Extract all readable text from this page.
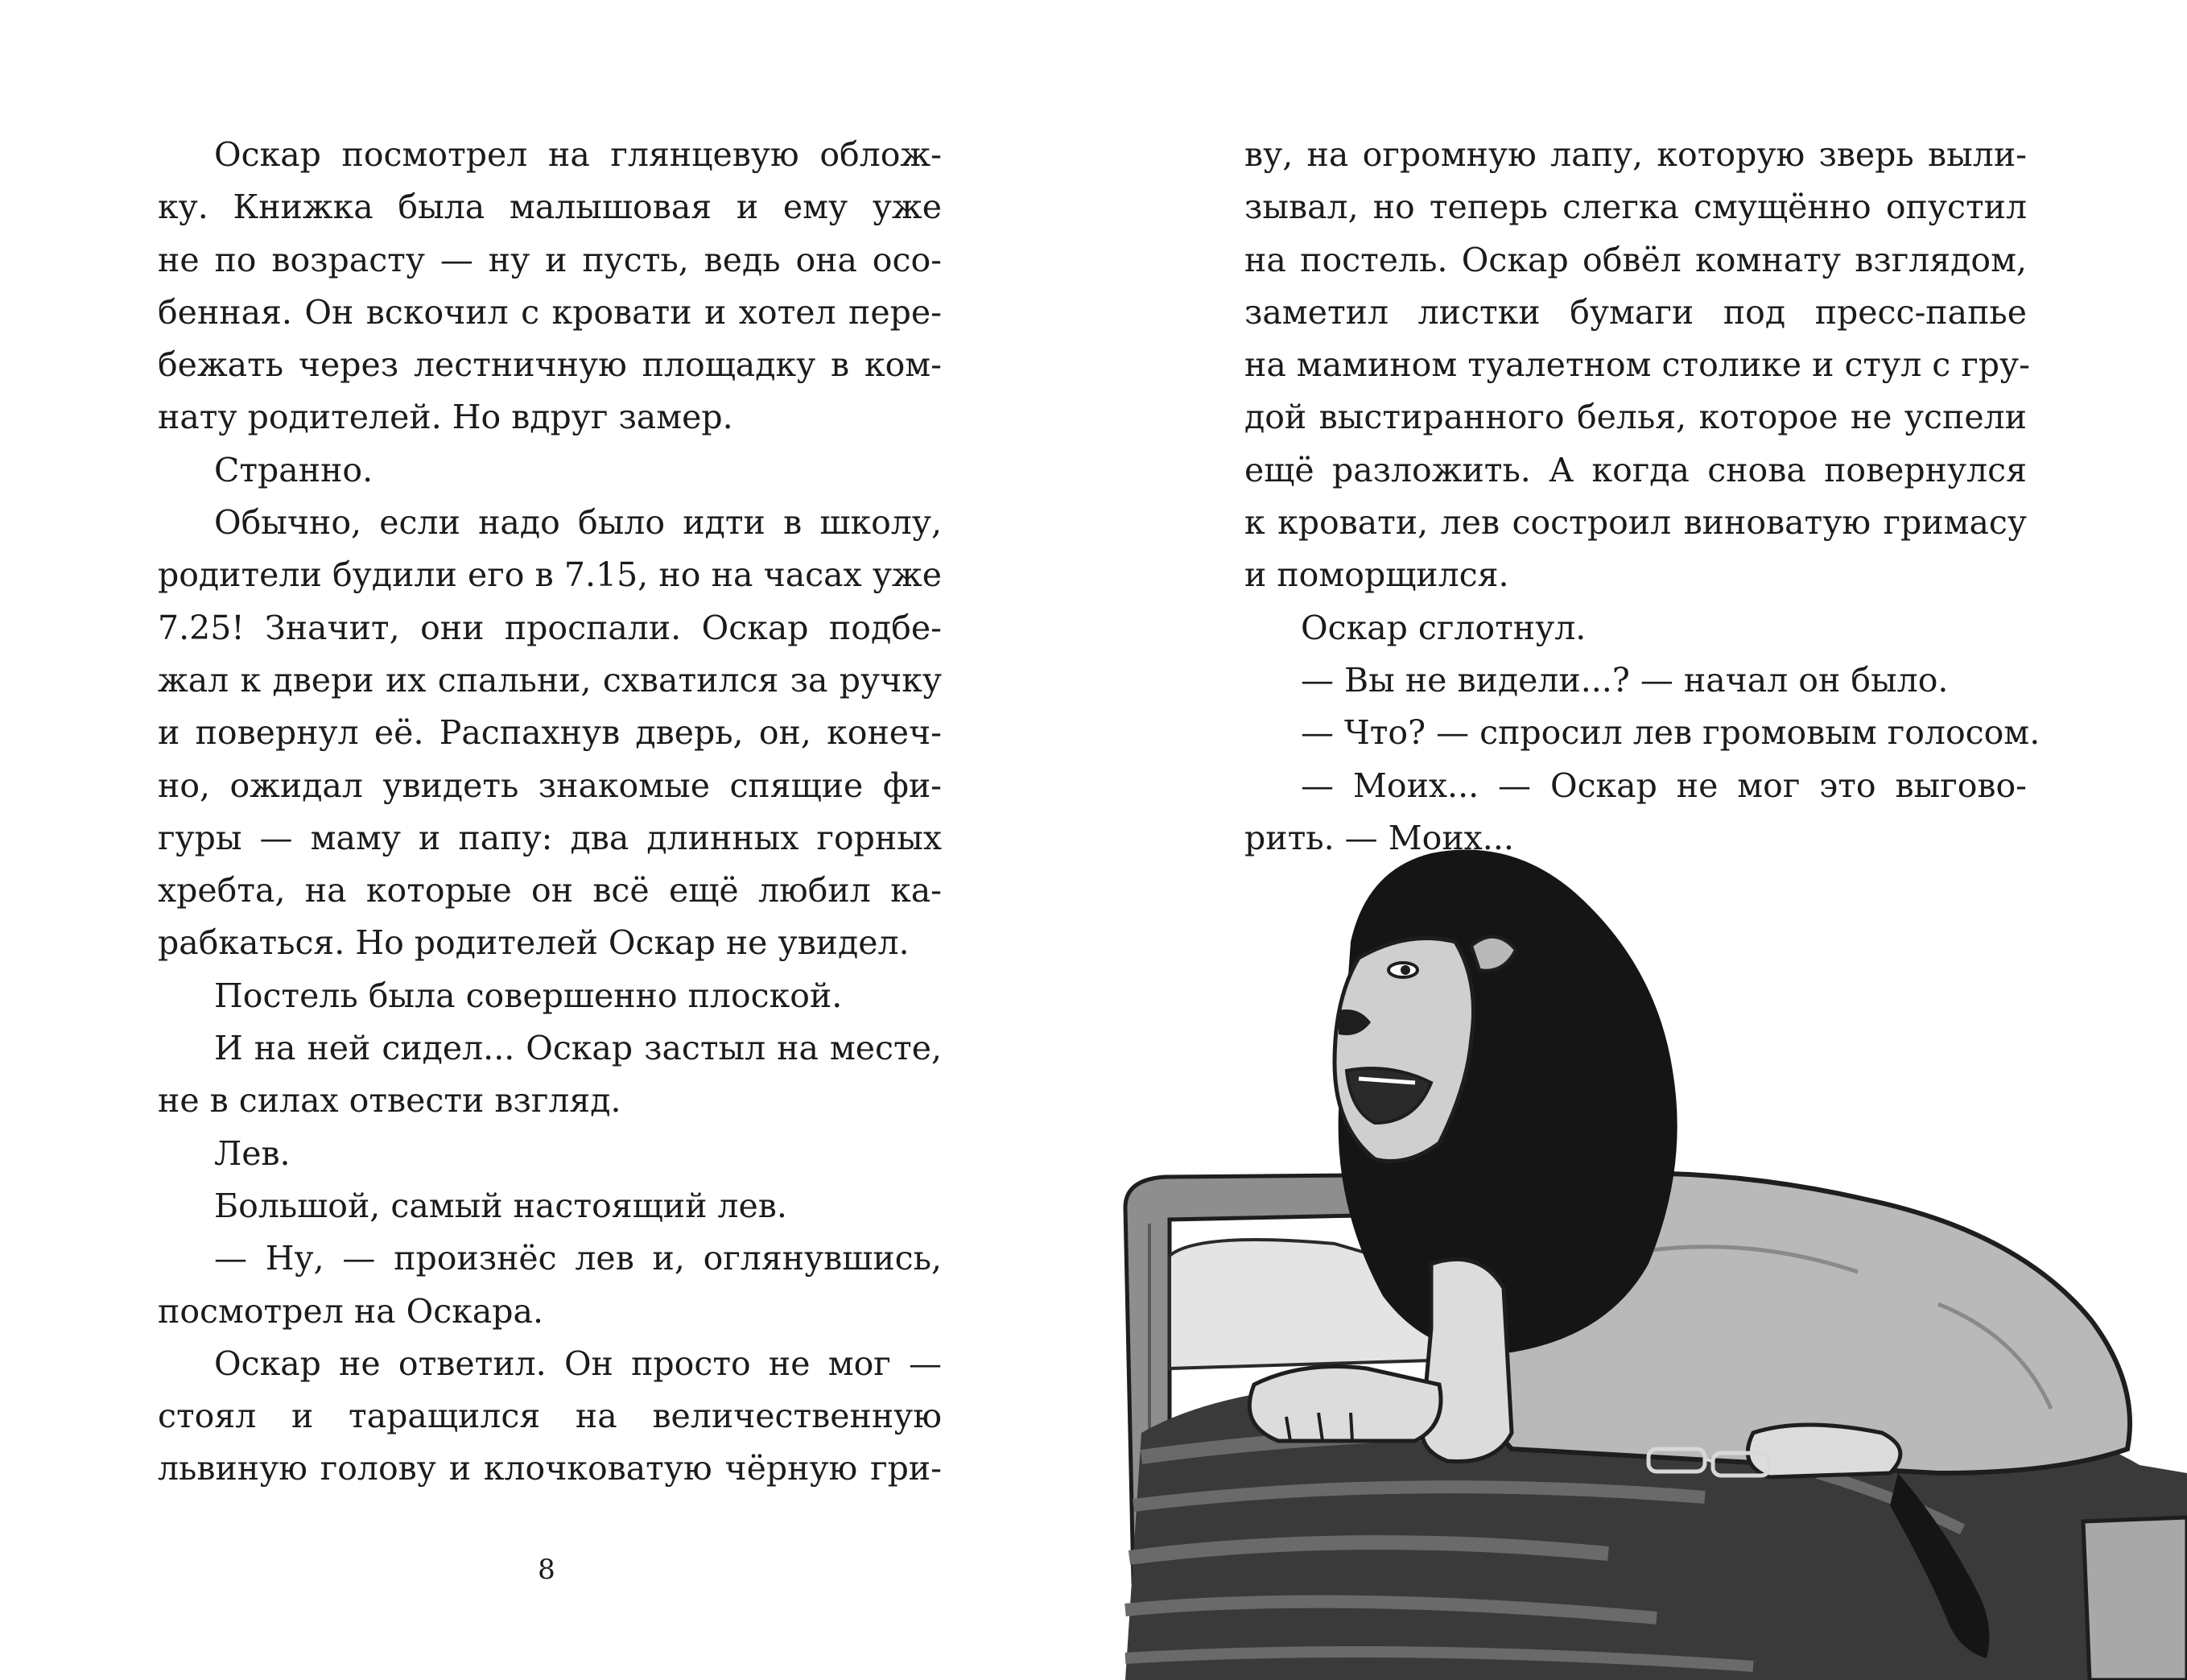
Оскар посмотрел на глянцевую облож-
ку. Книжка была малышовая и ему уже
не по возрасту — ну и пусть, ведь она осо-
бенная. Он вскочил с кровати и хотел пере-
бежать через лестничную площадку в ком-
нату родителей. Но вдруг замер.
Странно.
Обычно, если надо было идти в школу,
родители будили его в 7.15, но на часах уже
7.25! Значит, они проспали. Оскар подбе-
жал к двери их спальни, схватился за ручку
и повернул её. Распахнув дверь, он, конеч-
но, ожидал увидеть знакомые спящие фи-
гуры — маму и папу: два длинных горных
хребта, на которые он всё ещё любил ка-
рабкаться. Но родителей Оскар не увидел.
Постель была совершенно плоской.
И на ней сидел... Оскар застыл на месте,
не в силах отвести взгляд.
Лев.
Большой, самый настоящий лев.
— Ну, — произнёс лев и, оглянувшись,
посмотрел на Оскара.
Оскар не ответил. Он просто не мог —
стоял и таращился на величественную
львиную голову и клочковатую чёрную гри-
8
ву, на огромную лапу, которую зверь выли-
зывал, но теперь слегка смущённо опустил
на постель. Оскар обвёл комнату взглядом,
заметил листки бумаги под пресс-папье
на мамином туалетном столике и стул с гру-
дой выстиранного белья, которое не успели
ещё разложить. А когда снова повернулся
к кровати, лев состроил виноватую гримасу
и поморщился.
Оскар сглотнул.
— Вы не видели...? — начал он было.
— Что? — спросил лев громовым голосом.
— Моих... — Оскар не мог это выгово-
рить. — Моих...
